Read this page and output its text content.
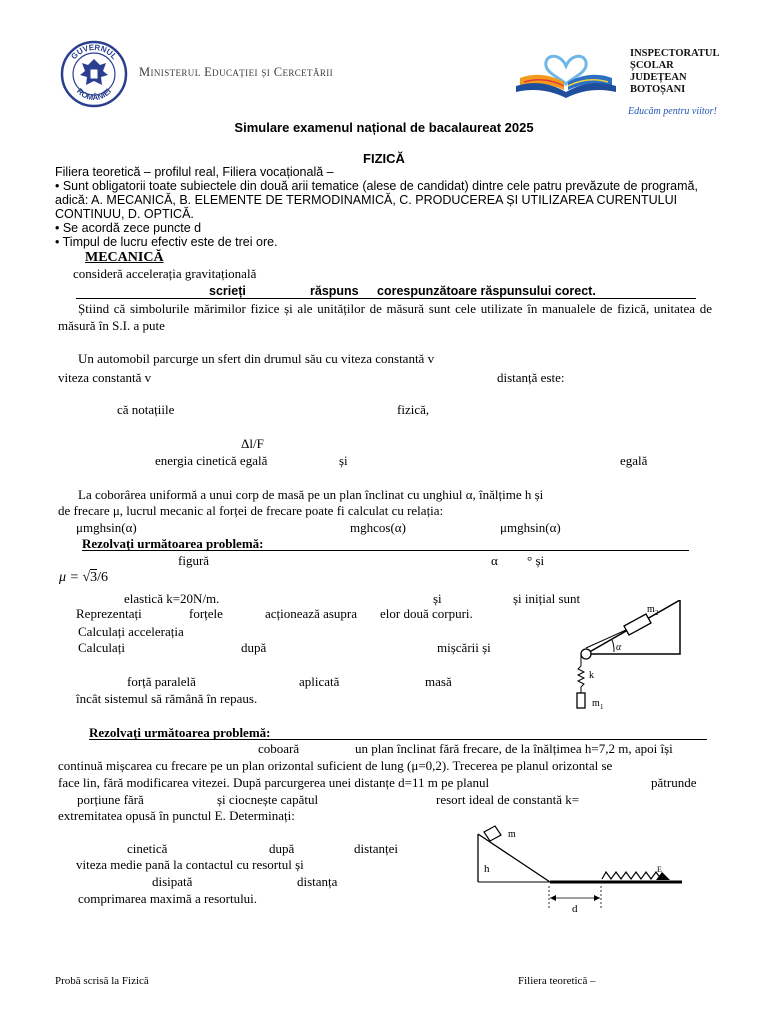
GUVERNUL
ROMÂNIEI
Ministerul Educației și Cercetării
INSPECTORATUL
ȘCOLAR
JUDEȚEAN
BOTOȘANI
Educăm pentru viitor!
Simulare examenul național de bacalaureat 2025
FIZICĂ
Filiera teoretică – profilul real, Filiera vocațională –
• Sunt obligatorii toate subiectele din două arii tematice (alese de candidat) dintre cele patru prevăzute de programă,
adică: A. MECANICĂ, B. ELEMENTE DE TERMODINAMICĂ, C. PRODUCEREA ȘI UTILIZAREA CURENTULUI
CONTINUU, D. OPTICĂ.
• Se acordă zece puncte d
• Timpul de lucru efectiv este de trei ore.
MECANICĂ
consideră accelerația gravitațională
scrieți	răspuns corespunzătoare răspunsului corect.
Știind că simbolurile mărimilor fizice și ale unităților de măsură sunt cele utilizate în manualele de fizică, unitatea de măsură în S.I. a pute
Un automobil parcurge un sfert din drumul său cu viteza constantă v
viteza constantă v	distanță este:
că notațiile	fizică,
Δl/F
energia cinetică egală	și	egală
La coborârea uniformă a unui corp de masă pe un plan înclinat cu unghiul α, înălțime h și
de frecare μ, lucrul mecanic al forței de frecare poate fi calculat cu relația:
μmghsin(α)	mghcos(α)	μmghsin(α)
Rezolvați următoarea problemă:
figură	α ° și
μ = √3/6
elastică k=20N/m.	și	și inițial sunt
Reprezentați	forțele	acționează asupra elor două corpuri.
Calculați accelerația
Calculați	după	mișcării și
forță paralelă	aplicată	masă
încât sistemul să rămână în repaus.
α
m 2
k
m 1
Rezolvați următoarea problemă:
coboară	un plan înclinat fără frecare, de la înălțimea h=7,2 m, apoi își
continuă mișcarea cu frecare pe un plan orizontal suficient de lung (μ=0,2). Trecerea pe planul orizontal se
face lin, fără modificarea vitezei. După parcurgerea unei distanțe d=11 m pe planul	pătrunde
porțiune fără	și ciocnește capătul	resort ideal de constantă k=
extremitatea opusă în punctul E. Determinați:
cinetică	după	distanței
viteza medie pană la contactul cu resortul și
disipată	distanța
comprimarea maximă a resortului.
m
h
d
E
Probă scrisă la Fizică	Filiera teoretică –
